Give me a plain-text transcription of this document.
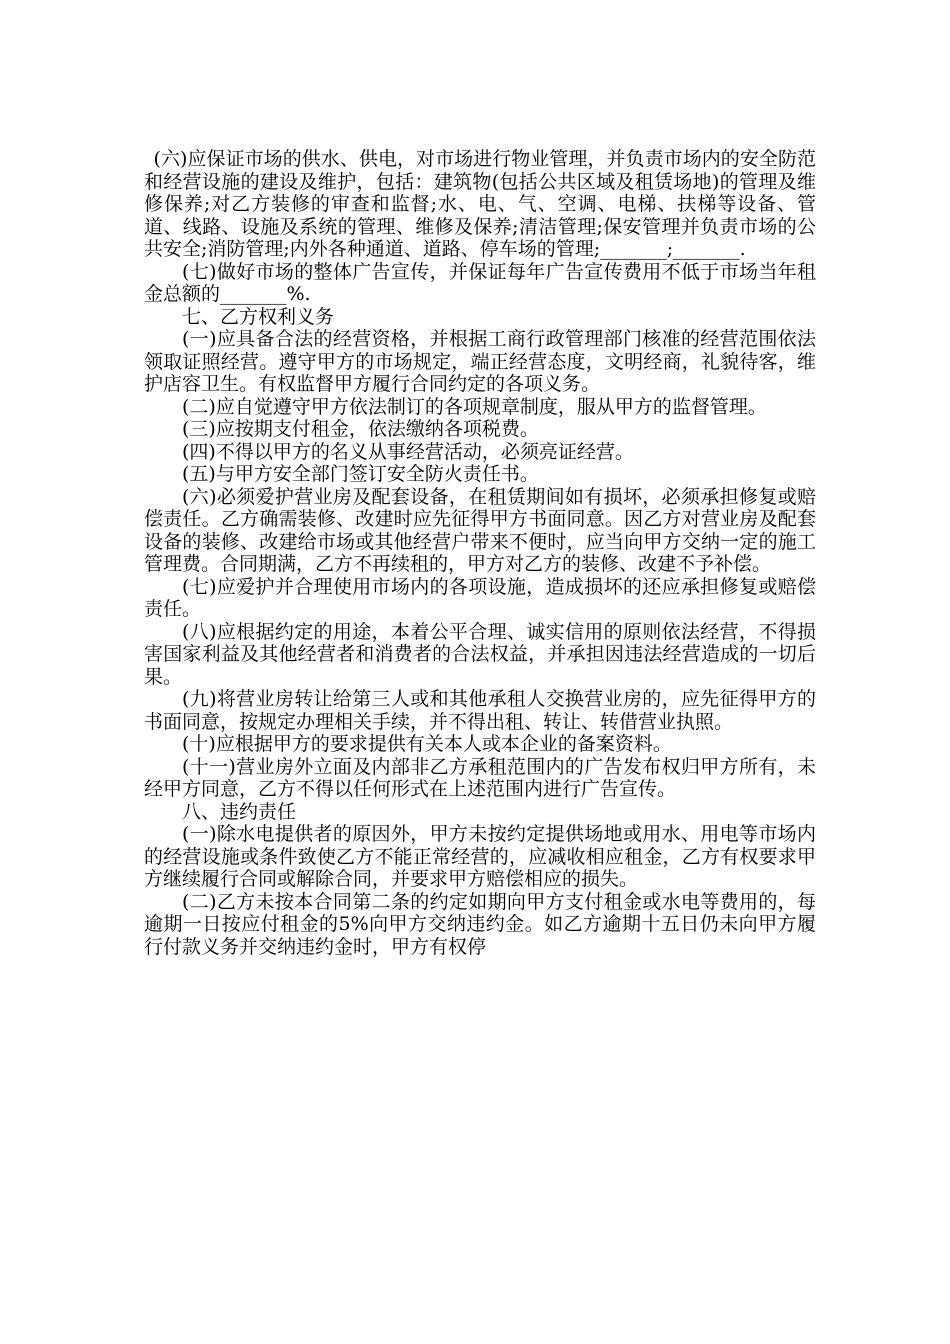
(六)应保证市场的供水、供电，对市场进行物业管理，并负责市场内的安全防范和经营设施的建设及维护，包括：建筑物(包括公共区域及租赁场地)的管理及维修保养;对乙方装修的审查和监督;水、电、气、空调、电梯、扶梯等设备、管道、线路、设施及系统的管理、维修及保养;清洁管理;保安管理并负责市场的公共安全;消防管理;内外各种通道、道路、停车场的管理;_______;_______.

(七)做好市场的整体广告宣传，并保证每年广告宣传费用不低于市场当年租金总额的_______%.

七、乙方权利义务

(一)应具备合法的经营资格，并根据工商行政管理部门核准的经营范围依法领取证照经营。遵守甲方的市场规定，端正经营态度，文明经商，礼貌待客，维护店容卫生。有权监督甲方履行合同约定的各项义务。

(二)应自觉遵守甲方依法制订的各项规章制度，服从甲方的监督管理。

(三)应按期支付租金，依法缴纳各项税费。

(四)不得以甲方的名义从事经营活动，必须亮证经营。

(五)与甲方安全部门签订安全防火责任书。

(六)必须爱护营业房及配套设备，在租赁期间如有损坏，必须承担修复或赔偿责任。乙方确需装修、改建时应先征得甲方书面同意。因乙方对营业房及配套设备的装修、改建给市场或其他经营户带来不便时，应当向甲方交纳一定的施工管理费。合同期满，乙方不再续租的，甲方对乙方的装修、改建不予补偿。

(七)应爱护并合理使用市场内的各项设施，造成损坏的还应承担修复或赔偿责任。

(八)应根据约定的用途，本着公平合理、诚实信用的原则依法经营，不得损害国家利益及其他经营者和消费者的合法权益，并承担因违法经营造成的一切后果。

(九)将营业房转让给第三人或和其他承租人交换营业房的，应先征得甲方的书面同意，按规定办理相关手续，并不得出租、转让、转借营业执照。

(十)应根据甲方的要求提供有关本人或本企业的备案资料。

(十一)营业房外立面及内部非乙方承租范围内的广告发布权归甲方所有，未经甲方同意，乙方不得以任何形式在上述范围内进行广告宣传。

八、违约责任

(一)除水电提供者的原因外，甲方未按约定提供场地或用水、用电等市场内的经营设施或条件致使乙方不能正常经营的，应减收相应租金，乙方有权要求甲方继续履行合同或解除合同，并要求甲方赔偿相应的损失。

(二)乙方未按本合同第二条的约定如期向甲方支付租金或水电等费用的，每逾期一日按应付租金的5%向甲方交纳违约金。如乙方逾期十五日仍未向甲方履行付款义务并交纳违约金时，甲方有权停
